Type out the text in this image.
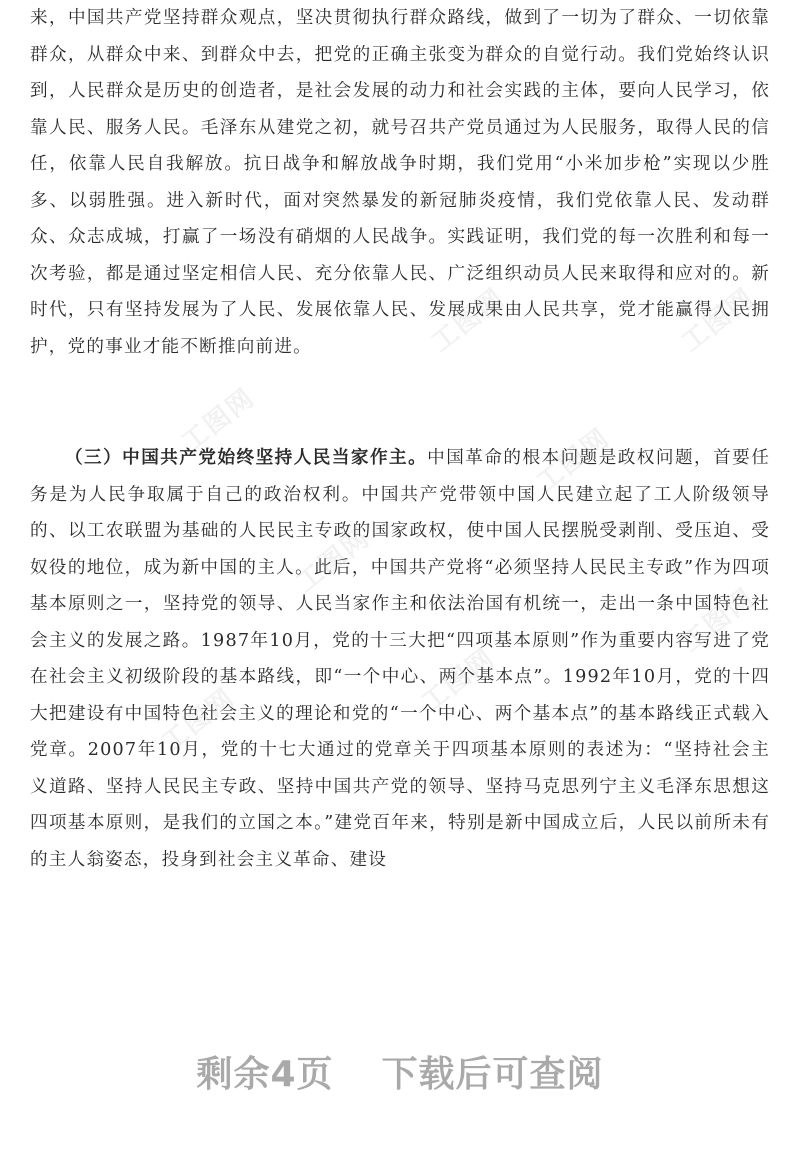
来，中国共产党坚持群众观点，坚决贯彻执行群众路线，做到了一切为了群众、一切依靠群众，从群众中来、到群众中去，把党的正确主张变为群众的自觉行动。我们党始终认识到，人民群众是历史的创造者，是社会发展的动力和社会实践的主体，要向人民学习，依靠人民、服务人民。毛泽东从建党之初，就号召共产党员通过为人民服务，取得人民的信任，依靠人民自我解放。抗日战争和解放战争时期，我们党用“小米加步枪”实现以少胜多、以弱胜强。进入新时代，面对突然暴发的新冠肺炎疫情，我们党依靠人民、发动群众、众志成城，打赢了一场没有硝烟的人民战争。实践证明，我们党的每一次胜利和每一次考验，都是通过坚定相信人民、充分依靠人民、广泛组织动员人民来取得和应对的。新时代，只有坚持发展为了人民、发展依靠人民、发展成果由人民共享，党才能赢得人民拥护，党的事业才能不断推向前进。

（三）中国共产党始终坚持人民当家作主。中国革命的根本问题是政权问题，首要任务是为人民争取属于自己的政治权利。中国共产党带领中国人民建立起了工人阶级领导的、以工农联盟为基础的人民民主专政的国家政权，使中国人民摆脱受剥削、受压迫、受奴役的地位，成为新中国的主人。此后，中国共产党将“必须坚持人民民主专政”作为四项基本原则之一，坚持党的领导、人民当家作主和依法治国有机统一，走出一条中国特色社会主义的发展之路。1987年10月，党的十三大把“四项基本原则”作为重要内容写进了党在社会主义初级阶段的基本路线，即“一个中心、两个基本点”。1992年10月，党的十四大把建设有中国特色社会主义的理论和党的“一个中心、两个基本点”的基本路线正式载入党章。2007年10月，党的十七大通过的党章关于四项基本原则的表述为：“坚持社会主义道路、坚持人民民主专政、坚持中国共产党的领导、坚持马克思列宁主义毛泽东思想这四项基本原则，是我们的立国之本。”建党百年来，特别是新中国成立后，人民以前所未有的主人翁姿态，投身到社会主义革命、建设

工图网
工图网	工图网
工图网
工图网
工图网
工图网
工图网
剩余4页 下载后可查阅
